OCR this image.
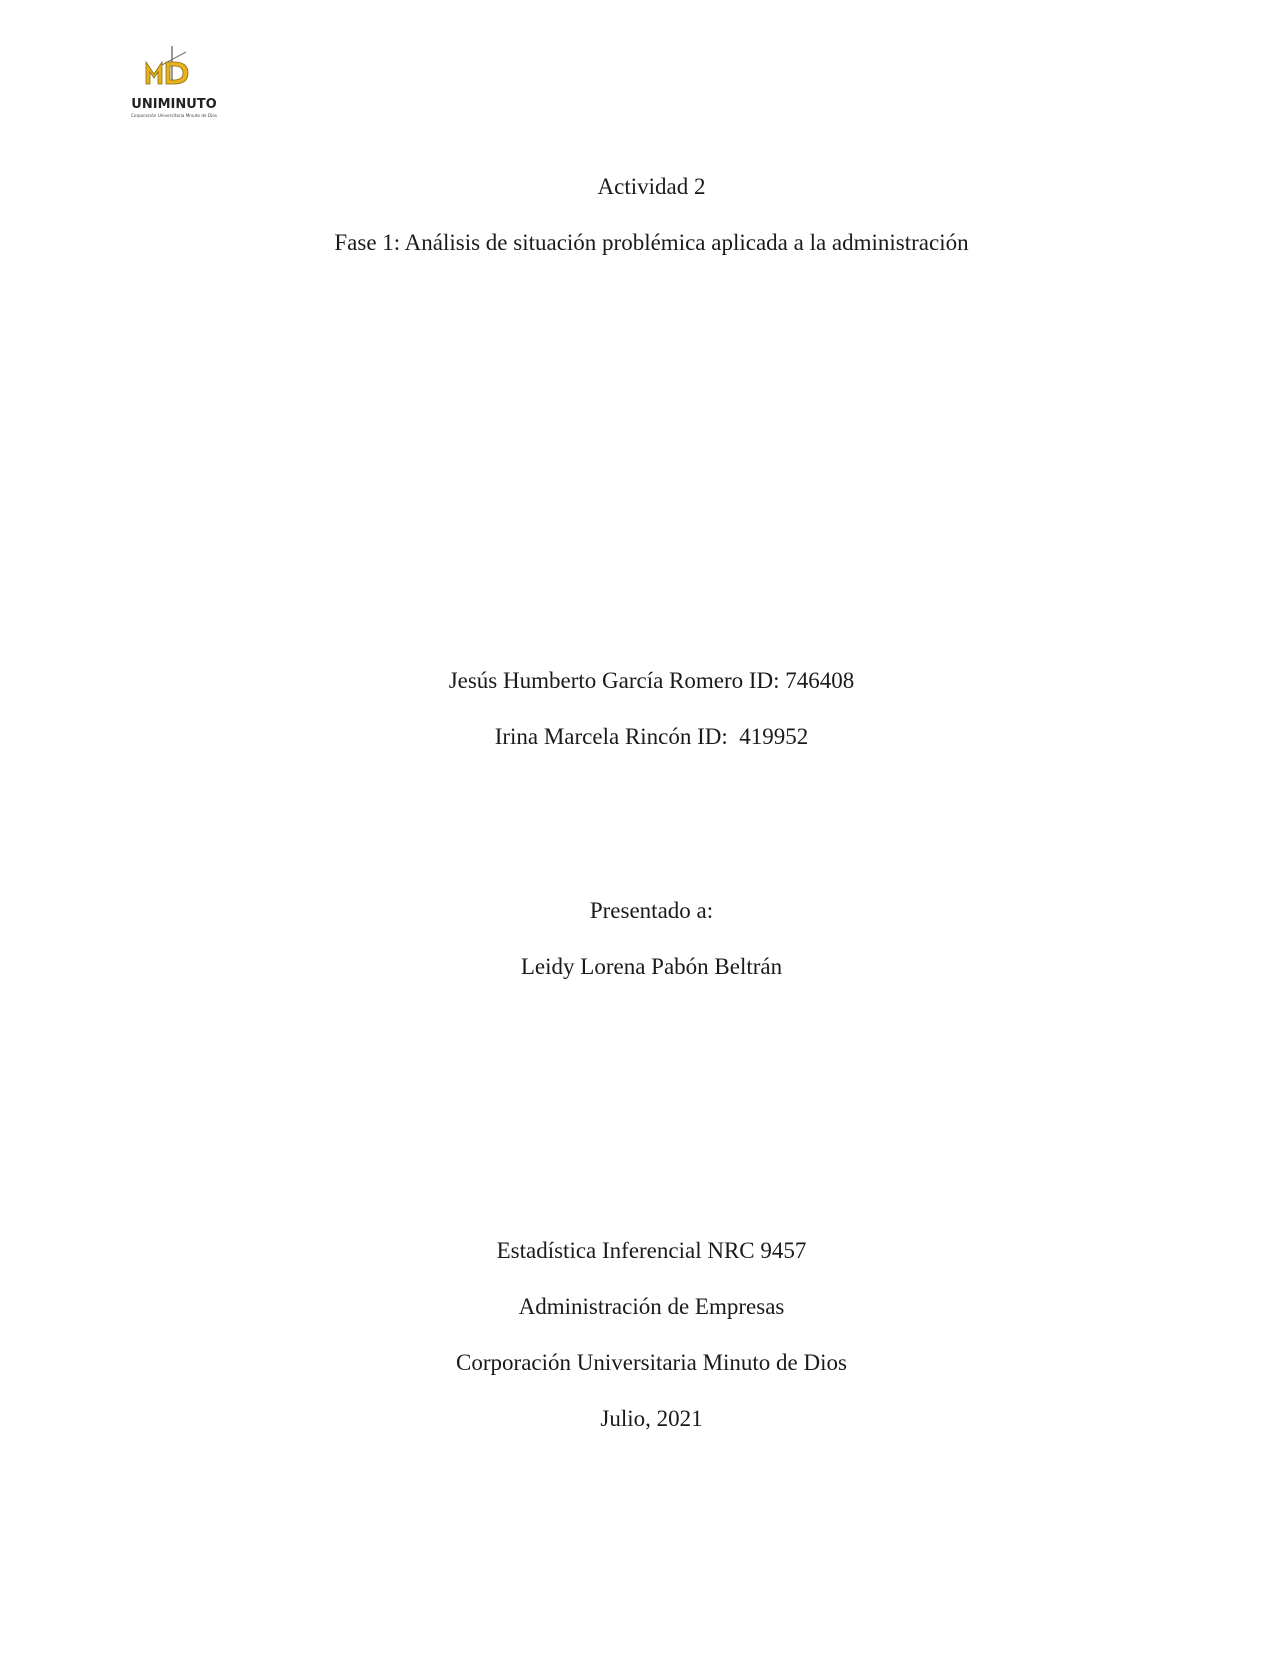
UNIMINUTO
Corporación Universitaria Minuto de Dios

Actividad 2

Fase 1: Análisis de situación problémica aplicada a la administración

Jesús Humberto García Romero ID: 746408

Irina Marcela Rincón ID:  419952

Presentado a:

Leidy Lorena Pabón Beltrán

Estadística Inferencial NRC 9457

Administración de Empresas

Corporación Universitaria Minuto de Dios

Julio, 2021
